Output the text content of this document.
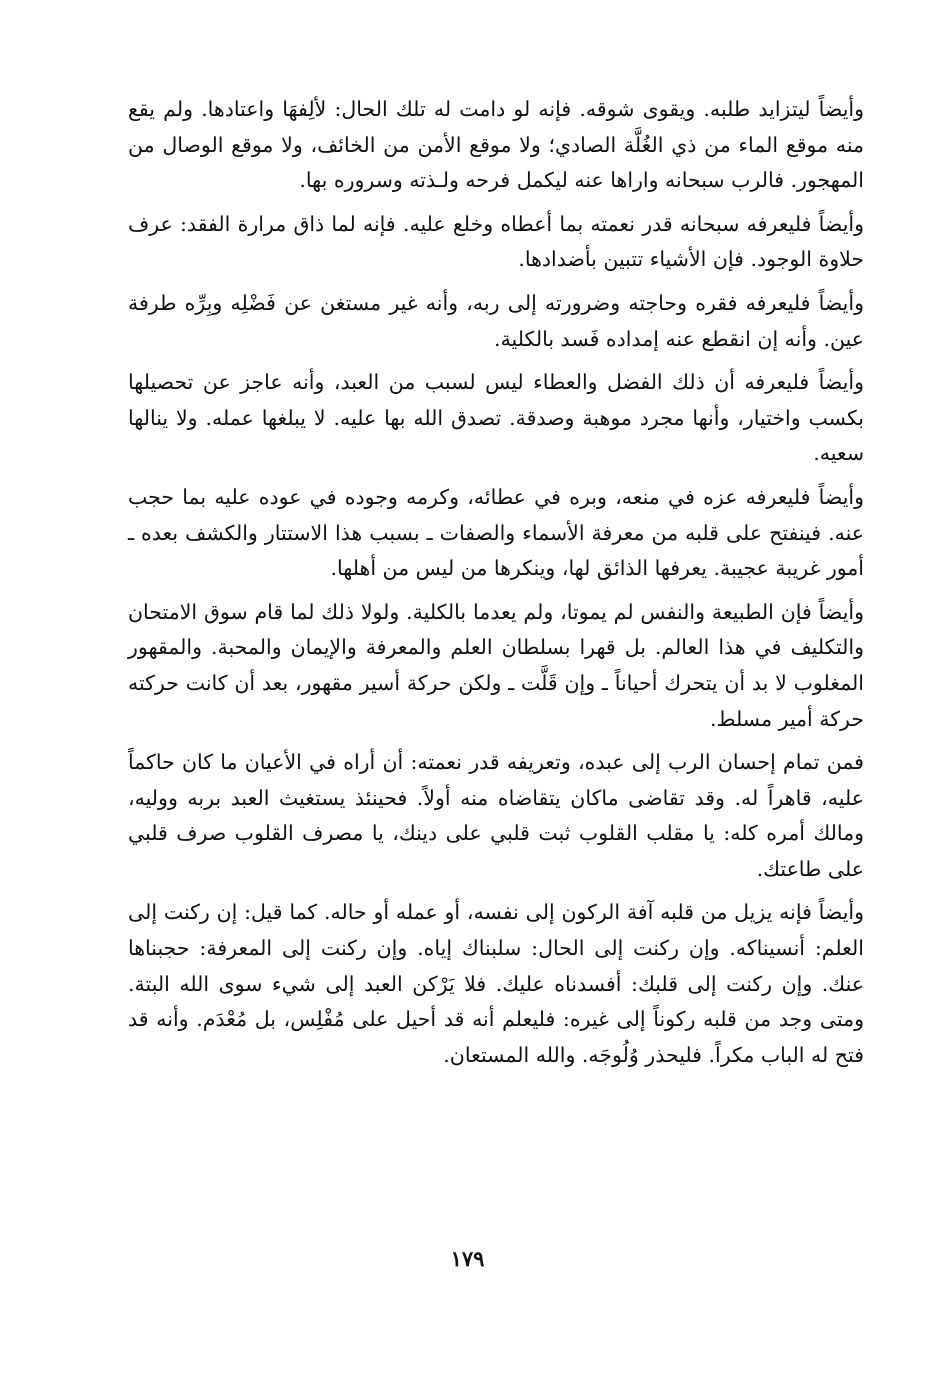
وأيضاً ليتزايد طلبه. ويقوى شوقه. فإنه لو دامت له تلك الحال: لألِفهَا واعتادها. ولم يقع منه موقع الماء من ذي الغُلَّة الصادي؛ ولا موقع الأمن من الخائف، ولا موقع الوصال من المهجور. فالرب سبحانه واراها عنه ليكمل فرحه ولـذته وسروره بها.

وأيضاً فليعرفه سبحانه قدر نعمته بما أعطاه وخلع عليه. فإنه لما ذاق مرارة الفقد: عرف حلاوة الوجود. فإن الأشياء تتبين بأضدادها.

وأيضاً فليعرفه فقره وحاجته وضرورته إلى ربه، وأنه غير مستغن عن فَضْلِه وبِرِّه طرفة عين. وأنه إن انقطع عنه إمداده فَسد بالكلية.

وأيضاً فليعرفه أن ذلك الفضل والعطاء ليس لسبب من العبد، وأنه عاجز عن تحصيلها بكسب واختيار، وأنها مجرد موهبة وصدقة. تصدق الله بها عليه. لا يبلغها عمله. ولا ينالها سعيه.

وأيضاً فليعرفه عزه في منعه، وبره في عطائه، وكرمه وجوده في عوده عليه بما حجب عنه. فينفتح على قلبه من معرفة الأسماء والصفات ـ بسبب هذا الاستتار والكشف بعده ـ أمور غريبة عجيبة. يعرفها الذائق لها، وينكرها من ليس من أهلها.

وأيضاً فإن الطبيعة والنفس لم يموتا، ولم يعدما بالكلية. ولولا ذلك لما قام سوق الامتحان والتكليف في هذا العالم. بل قهرا بسلطان العلم والمعرفة والإيمان والمحبة. والمقهور المغلوب لا بد أن يتحرك أحياناً ـ وإن قَلَّت ـ ولكن حركة أسير مقهور، بعد أن كانت حركته حركة أمير مسلط.

فمن تمام إحسان الرب إلى عبده، وتعريفه قدر نعمته: أن أراه في الأعيان ما كان حاكماً عليه، قاهراً له. وقد تقاضى ماكان يتقاضاه منه أولاً. فحينئذ يستغيث العبد بربه ووليه، ومالك أمره كله: يا مقلب القلوب ثبت قلبي على دينك، يا مصرف القلوب صرف قلبي على طاعتك.

وأيضاً فإنه يزيل من قلبه آفة الركون إلى نفسه، أو عمله أو حاله. كما قيل: إن ركنت إلى العلم: أنسيناكه. وإن ركنت إلى الحال: سلبناك إياه. وإن ركنت إلى المعرفة: حجبناها عنك. وإن ركنت إلى قلبك: أفسدناه عليك. فلا يَرْكن العبد إلى شيء سوى الله البتة. ومتى وجد من قلبه ركوناً إلى غيره: فليعلم أنه قد أحيل على مُفْلِس، بل مُعْدَم. وأنه قد فتح له الباب مكراً. فليحذر وُلُوجَه. والله المستعان.

١٧٩
